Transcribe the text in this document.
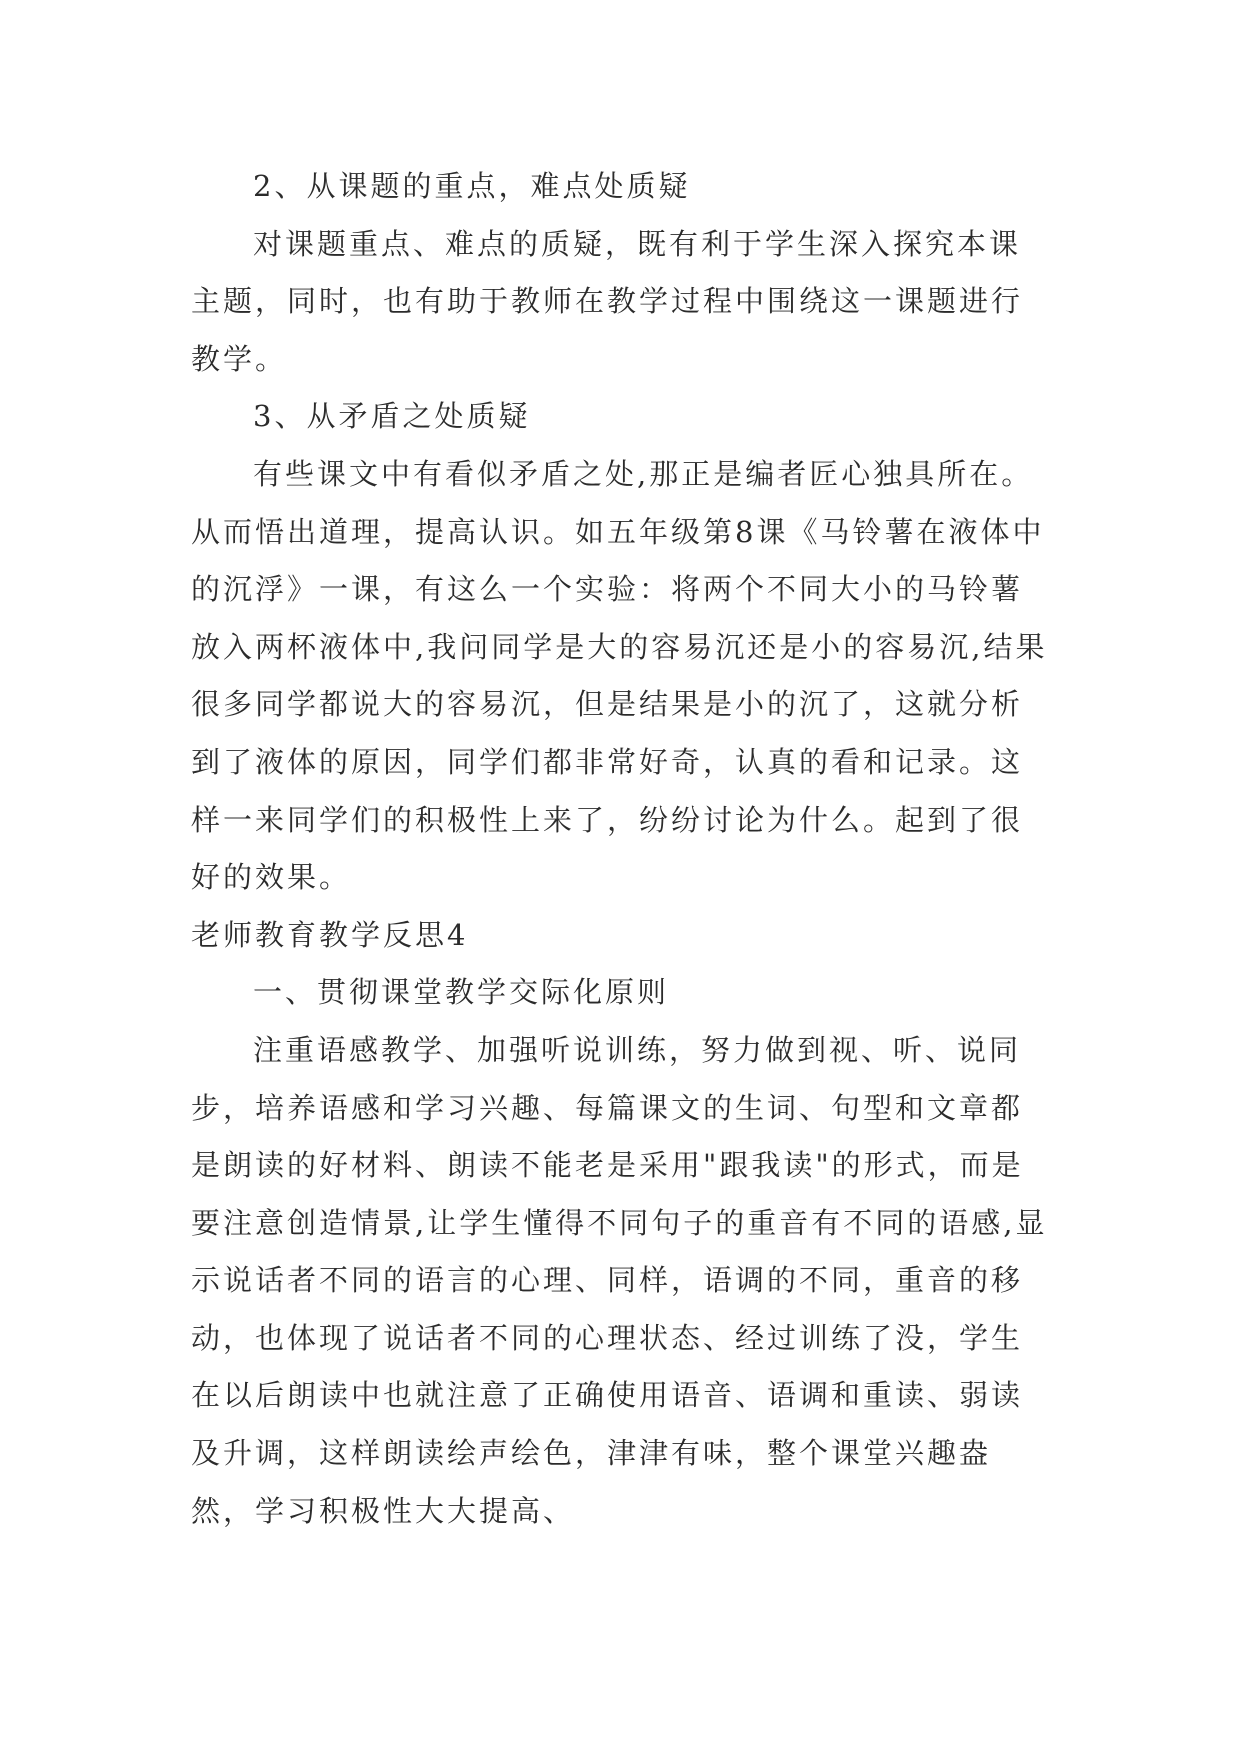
2、从课题的重点，难点处质疑

对课题重点、难点的质疑，既有利于学生深入探究本课主题，同时，也有助于教师在教学过程中围绕这一课题进行教学。

3、从矛盾之处质疑

有些课文中有看似矛盾之处,那正是编者匠心独具所在。从而悟出道理，提高认识。如五年级第8课《马铃薯在液体中的沉浮》一课，有这么一个实验：将两个不同大小的马铃薯放入两杯液体中,我问同学是大的容易沉还是小的容易沉,结果很多同学都说大的容易沉，但是结果是小的沉了，这就分析到了液体的原因，同学们都非常好奇，认真的看和记录。这样一来同学们的积极性上来了，纷纷讨论为什么。起到了很好的效果。

老师教育教学反思4

一、贯彻课堂教学交际化原则

注重语感教学、加强听说训练，努力做到视、听、说同步，培养语感和学习兴趣、每篇课文的生词、句型和文章都是朗读的好材料、朗读不能老是采用"跟我读"的形式，而是要注意创造情景,让学生懂得不同句子的重音有不同的语感,显示说话者不同的语言的心理、同样，语调的不同，重音的移动，也体现了说话者不同的心理状态、经过训练了没，学生在以后朗读中也就注意了正确使用语音、语调和重读、弱读及升调，这样朗读绘声绘色，津津有味，整个课堂兴趣盎然，学习积极性大大提高、
